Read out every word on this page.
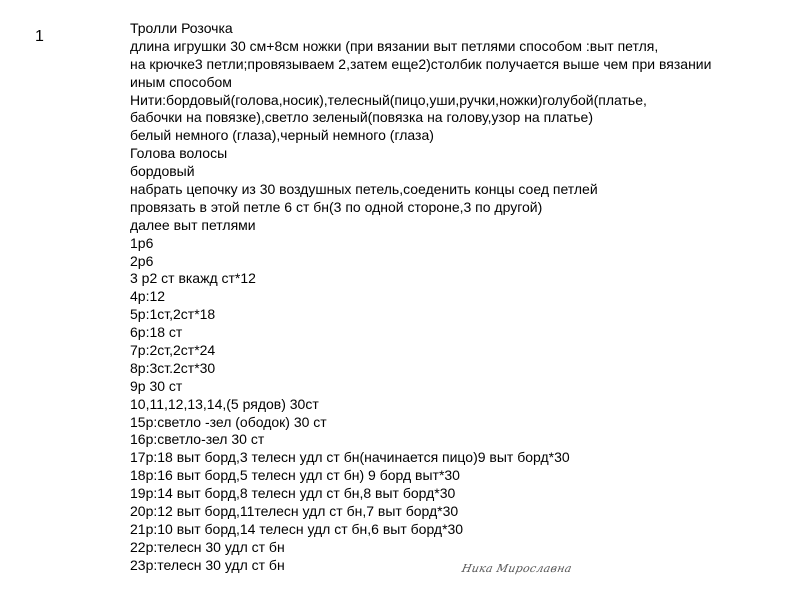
1	Тролли Розочка
длина игрушки 30 см+8см ножки (при вязании выт петлями способом :выт петля,
на крючке3 петли;провязываем 2,затем еще2)столбик получается выше чем при вязании
иным способом
Нити:бордовый(голова,носик),телесный(пицо,уши,ручки,ножки)голубой(платье,
бабочки на повязке),светло зеленый(повязка на голову,узор на платье)
белый немного (глаза),черный немного (глаза)
Голова волосы
бордовый
набрать цепочку из 30 воздушных петель,соеденить концы соед петлей
провязать в этой петле 6 ст бн(3 по одной стороне,3 по другой)
далее выт петлями
1р6
2р6
3 р2 ст вкажд ст*12
4р:12
5р:1ст,2ст*18
6р:18 ст
7р:2ст,2ст*24
8р:3ст.2ст*30
9р 30 ст
10,11,12,13,14,(5 рядов) 30ст
15р:светло -зел (ободок) 30 ст
16р:светло-зел 30 ст
17р:18 выт борд,3 телесн удл ст бн(начинается пицо)9 выт борд*30
18р:16 выт борд,5 телесн удл ст бн) 9 борд выт*30
19р:14 выт борд,8 телесн удл ст бн,8 выт борд*30
20р:12 выт борд,11телесн удл ст бн,7 выт борд*30
21р:10 выт борд,14 телесн удл ст бн,6 выт борд*30
22р:телесн 30 удл ст бн
23р:телесн 30 удл ст бн	Ника Мирославна
